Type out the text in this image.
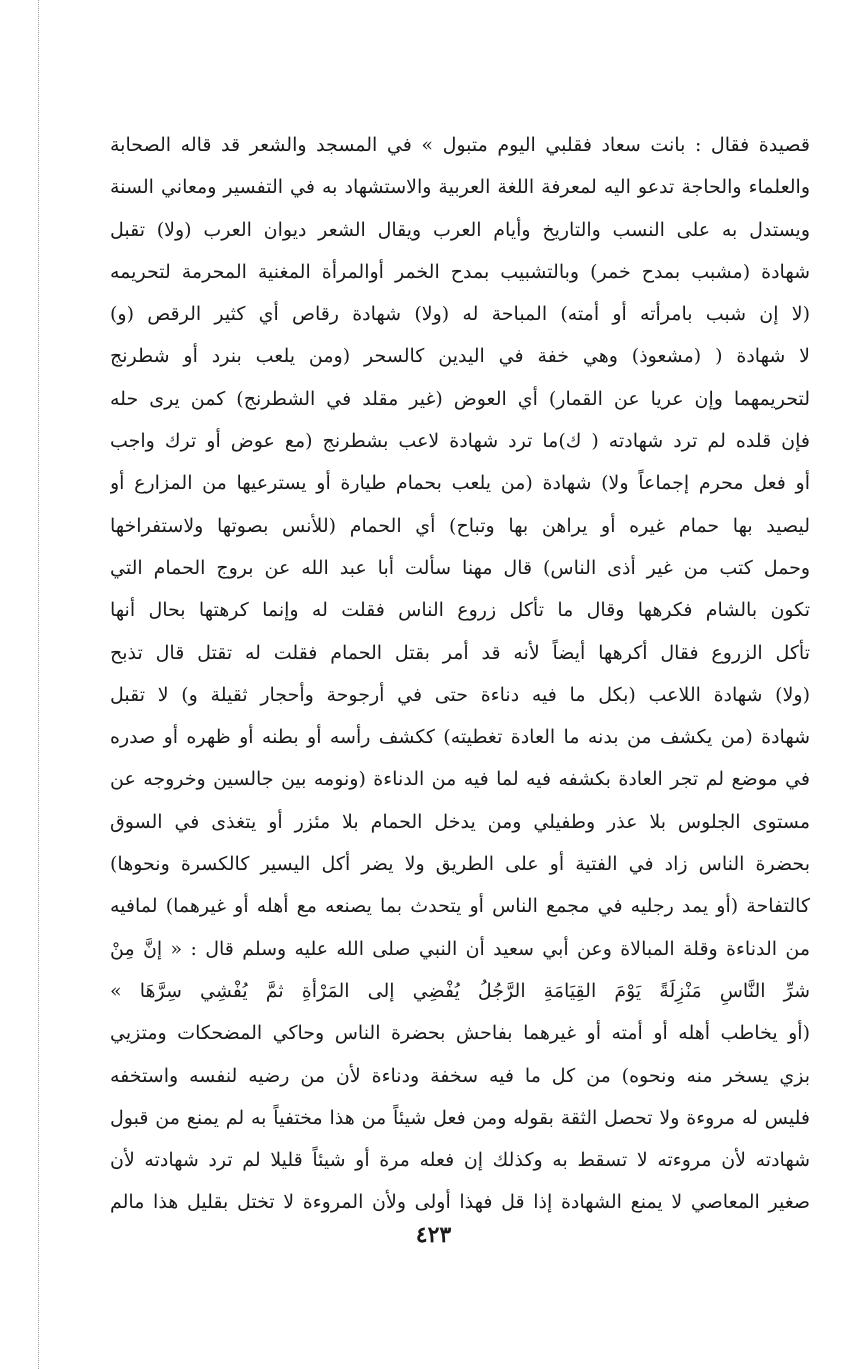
قصيدة فقال : بانت سعاد فقلبي اليوم متبول » في المسجد والشعر قد قاله الصحابة
والعلماء والحاجة تدعو اليه لمعرفة اللغة العربية والاستشهاد به في التفسير ومعاني السنة
ويستدل به على النسب والتاريخ وأيام العرب ويقال الشعر ديوان العرب (ولا) تقبل
شهادة (مشبب بمدح خمر) وبالتشبيب بمدح الخمر أوالمرأة المغنية المحرمة لتحريمه
(لا إن شبب بامرأته أو أمته) المباحة له (ولا) شهادة رقاص أي كثير الرقص (و)
لا شهادة ( (مشعوذ) وهي خفة في اليدين كالسحر (ومن يلعب بنرد أو شطرنج
لتحريمهما وإن عريا عن القمار) أي العوض (غير مقلد في الشطرنج) كمن يرى حله
فإن قلده لم ترد شهادته ( ك)ما ترد شهادة لاعب بشطرنج (مع عوض أو ترك واجب
أو فعل محرم إجماعاً ولا) شهادة (من يلعب بحمام طيارة أو يسترعيها من المزارع أو
ليصيد بها حمام غيره أو يراهن بها وتباح) أي الحمام (للأنس بصوتها ولاستفراخها
وحمل كتب من غير أذى الناس) قال مهنا سألت أبا عبد الله عن بروج الحمام التي
تكون بالشام فكرهها وقال ما تأكل زروع الناس فقلت له وإنما كرهتها بحال أنها
تأكل الزروع فقال أكرهها أيضاً لأنه قد أمر بقتل الحمام فقلت له تقتل قال تذبح
(ولا) شهادة اللاعب (بكل ما فيه دناءة حتى في أرجوحة وأحجار ثقيلة و) لا تقبل
شهادة (من يكشف من بدنه ما العادة تغطيته) ككشف رأسه أو بطنه أو ظهره أو صدره
في موضع لم تجر العادة بكشفه فيه لما فيه من الدناءة (ونومه بين جالسين وخروجه عن
مستوى الجلوس بلا عذر وطفيلي ومن يدخل الحمام بلا مئزر أو يتغذى في السوق
بحضرة الناس زاد في الفتية أو على الطريق ولا يضر أكل اليسير كالكسرة ونحوها)
كالتفاحة (أو يمد رجليه في مجمع الناس أو يتحدث بما يصنعه مع أهله أو غيرهما) لمافيه
من الدناءة وقلة المبالاة وعن أبي سعيد أن النبي صلى الله عليه وسلم قال : « إنَّ مِنْ
شرِّ النَّاسِ مَنْزِلَةً يَوْمَ القِيَامَةِ الرَّجُلُ يُفْضِي إلى المَرْأةِ ثمَّ يُفْشِي سِرَّهَا »
(أو يخاطب أهله أو أمته أو غيرهما بفاحش بحضرة الناس وحاكي المضحكات ومتزيي
بزي يسخر منه ونحوه) من كل ما فيه سخفة ودناءة لأن من رضيه لنفسه واستخفه
فليس له مروءة ولا تحصل الثقة بقوله ومن فعل شيئاً من هذا مختفياً به لم يمنع من قبول
شهادته لأن مروءته لا تسقط به وكذلك إن فعله مرة أو شيئاً قليلا لم ترد شهادته لأن
صغير المعاصي لا يمنع الشهادة إذا قل فهذا أولى ولأن المروءة لا تختل بقليل هذا مالم
٤٢٣
